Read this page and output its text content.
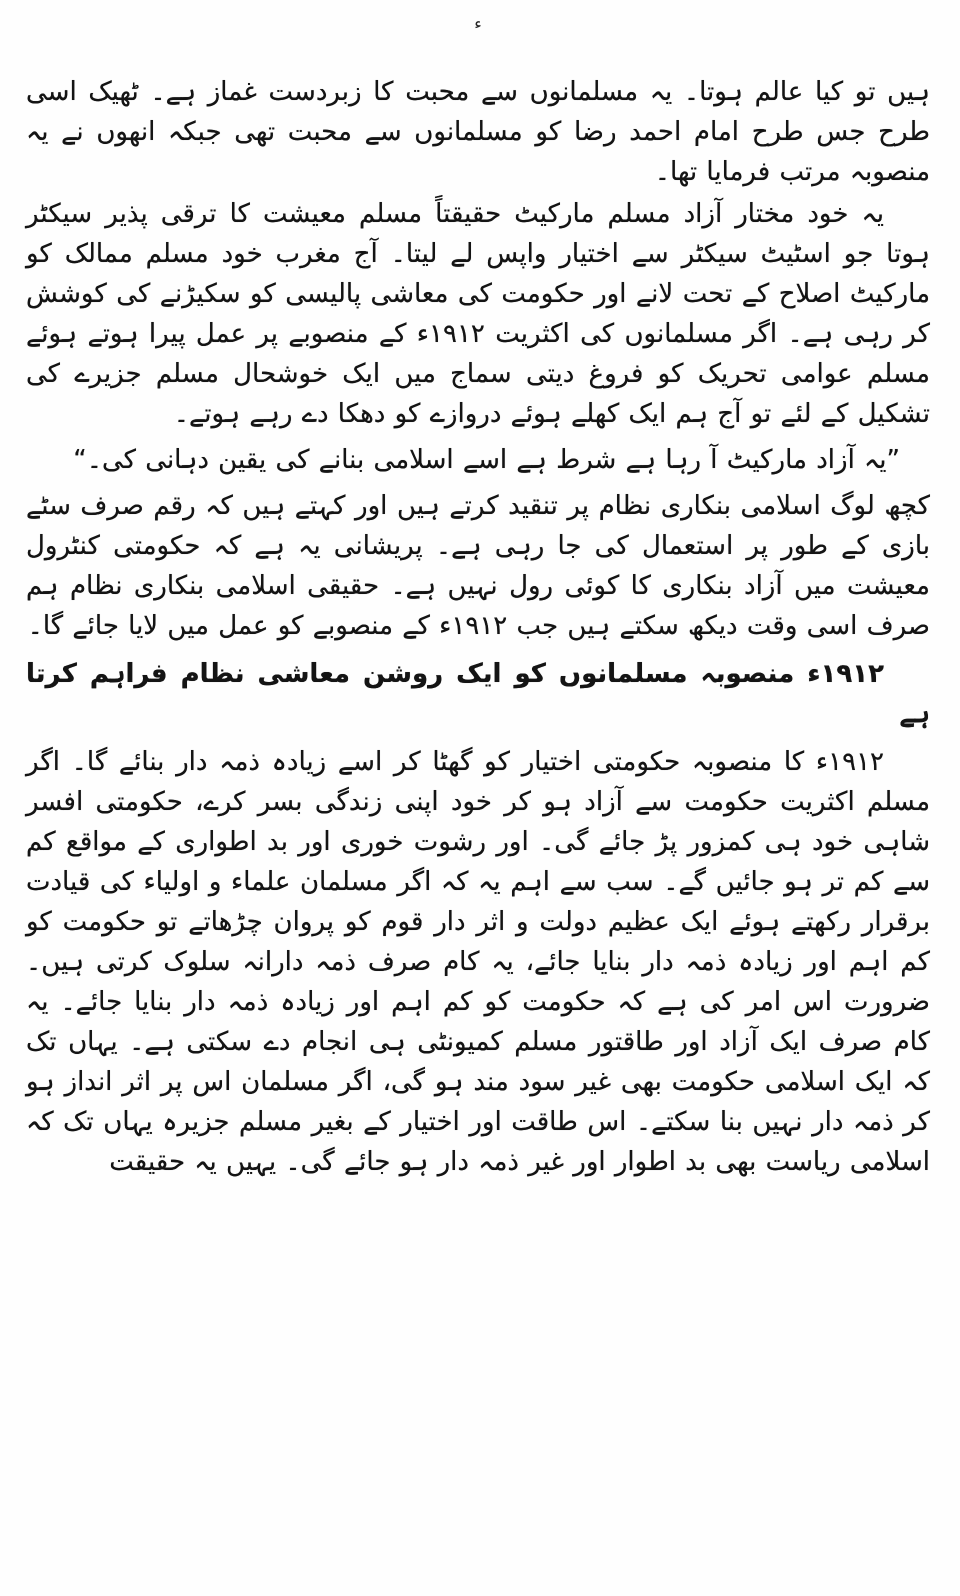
ء

ہیں تو کیا عالم ہوتا۔ یہ مسلمانوں سے محبت کا زبردست غماز ہے۔ ٹھیک اسی طرح جس طرح امام احمد رضا کو مسلمانوں سے محبت تھی جبکہ انھوں نے یہ منصوبہ مرتب فرمایا تھا۔

یہ خود مختار آزاد مسلم مارکیٹ حقیقتاً مسلم معیشت کا ترقی پذیر سیکٹر ہوتا جو اسٹیٹ سیکٹر سے اختیار واپس لے لیتا۔ آج مغرب خود مسلم ممالک کو مارکیٹ اصلاح کے تحت لانے اور حکومت کی معاشی پالیسی کو سکیڑنے کی کوشش کر رہی ہے۔ اگر مسلمانوں کی اکثریت ۱۹۱۲ء کے منصوبے پر عمل پیرا ہوتے ہوئے مسلم عوامی تحریک کو فروغ دیتی سماج میں ایک خوشحال مسلم جزیرے کی تشکیل کے لئے تو آج ہم ایک کھلے ہوئے دروازے کو دھکا دے رہے ہوتے۔

”یہ آزاد مارکیٹ آ رہا ہے شرط ہے اسے اسلامی بنانے کی یقین دہانی کی۔“

کچھ لوگ اسلامی بنکاری نظام پر تنقید کرتے ہیں اور کہتے ہیں کہ رقم صرف سٹے بازی کے طور پر استعمال کی جا رہی ہے۔ پریشانی یہ ہے کہ حکومتی کنٹرول معیشت میں آزاد بنکاری کا کوئی رول نہیں ہے۔ حقیقی اسلامی بنکاری نظام ہم صرف اسی وقت دیکھ سکتے ہیں جب ۱۹۱۲ء کے منصوبے کو عمل میں لایا جائے گا۔

۱۹۱۲ء منصوبہ مسلمانوں کو ایک روشن معاشی نظام فراہم کرتا ہے

۱۹۱۲ء کا منصوبہ حکومتی اختیار کو گھٹا کر اسے زیادہ ذمہ دار بنائے گا۔ اگر مسلم اکثریت حکومت سے آزاد ہو کر خود اپنی زندگی بسر کرے، حکومتی افسر شاہی خود ہی کمزور پڑ جائے گی۔ اور رشوت خوری اور بد اطواری کے مواقع کم سے کم تر ہو جائیں گے۔ سب سے اہم یہ کہ اگر مسلمان علماء و اولیاء کی قیادت برقرار رکھتے ہوئے ایک عظیم دولت و اثر دار قوم کو پروان چڑھاتے تو حکومت کو کم اہم اور زیادہ ذمہ دار بنایا جائے، یہ کام صرف ذمہ دارانہ سلوک کرتی ہیں۔ ضرورت اس امر کی ہے کہ حکومت کو کم اہم اور زیادہ ذمہ دار بنایا جائے۔ یہ کام صرف ایک آزاد اور طاقتور مسلم کمیونٹی ہی انجام دے سکتی ہے۔ یہاں تک کہ ایک اسلامی حکومت بھی غیر سود مند ہو گی، اگر مسلمان اس پر اثر انداز ہو کر ذمہ دار نہیں بنا سکتے۔ اس طاقت اور اختیار کے بغیر مسلم جزیرہ یہاں تک کہ اسلامی ریاست بھی بد اطوار اور غیر ذمہ دار ہو جائے گی۔ یہیں یہ حقیقت
